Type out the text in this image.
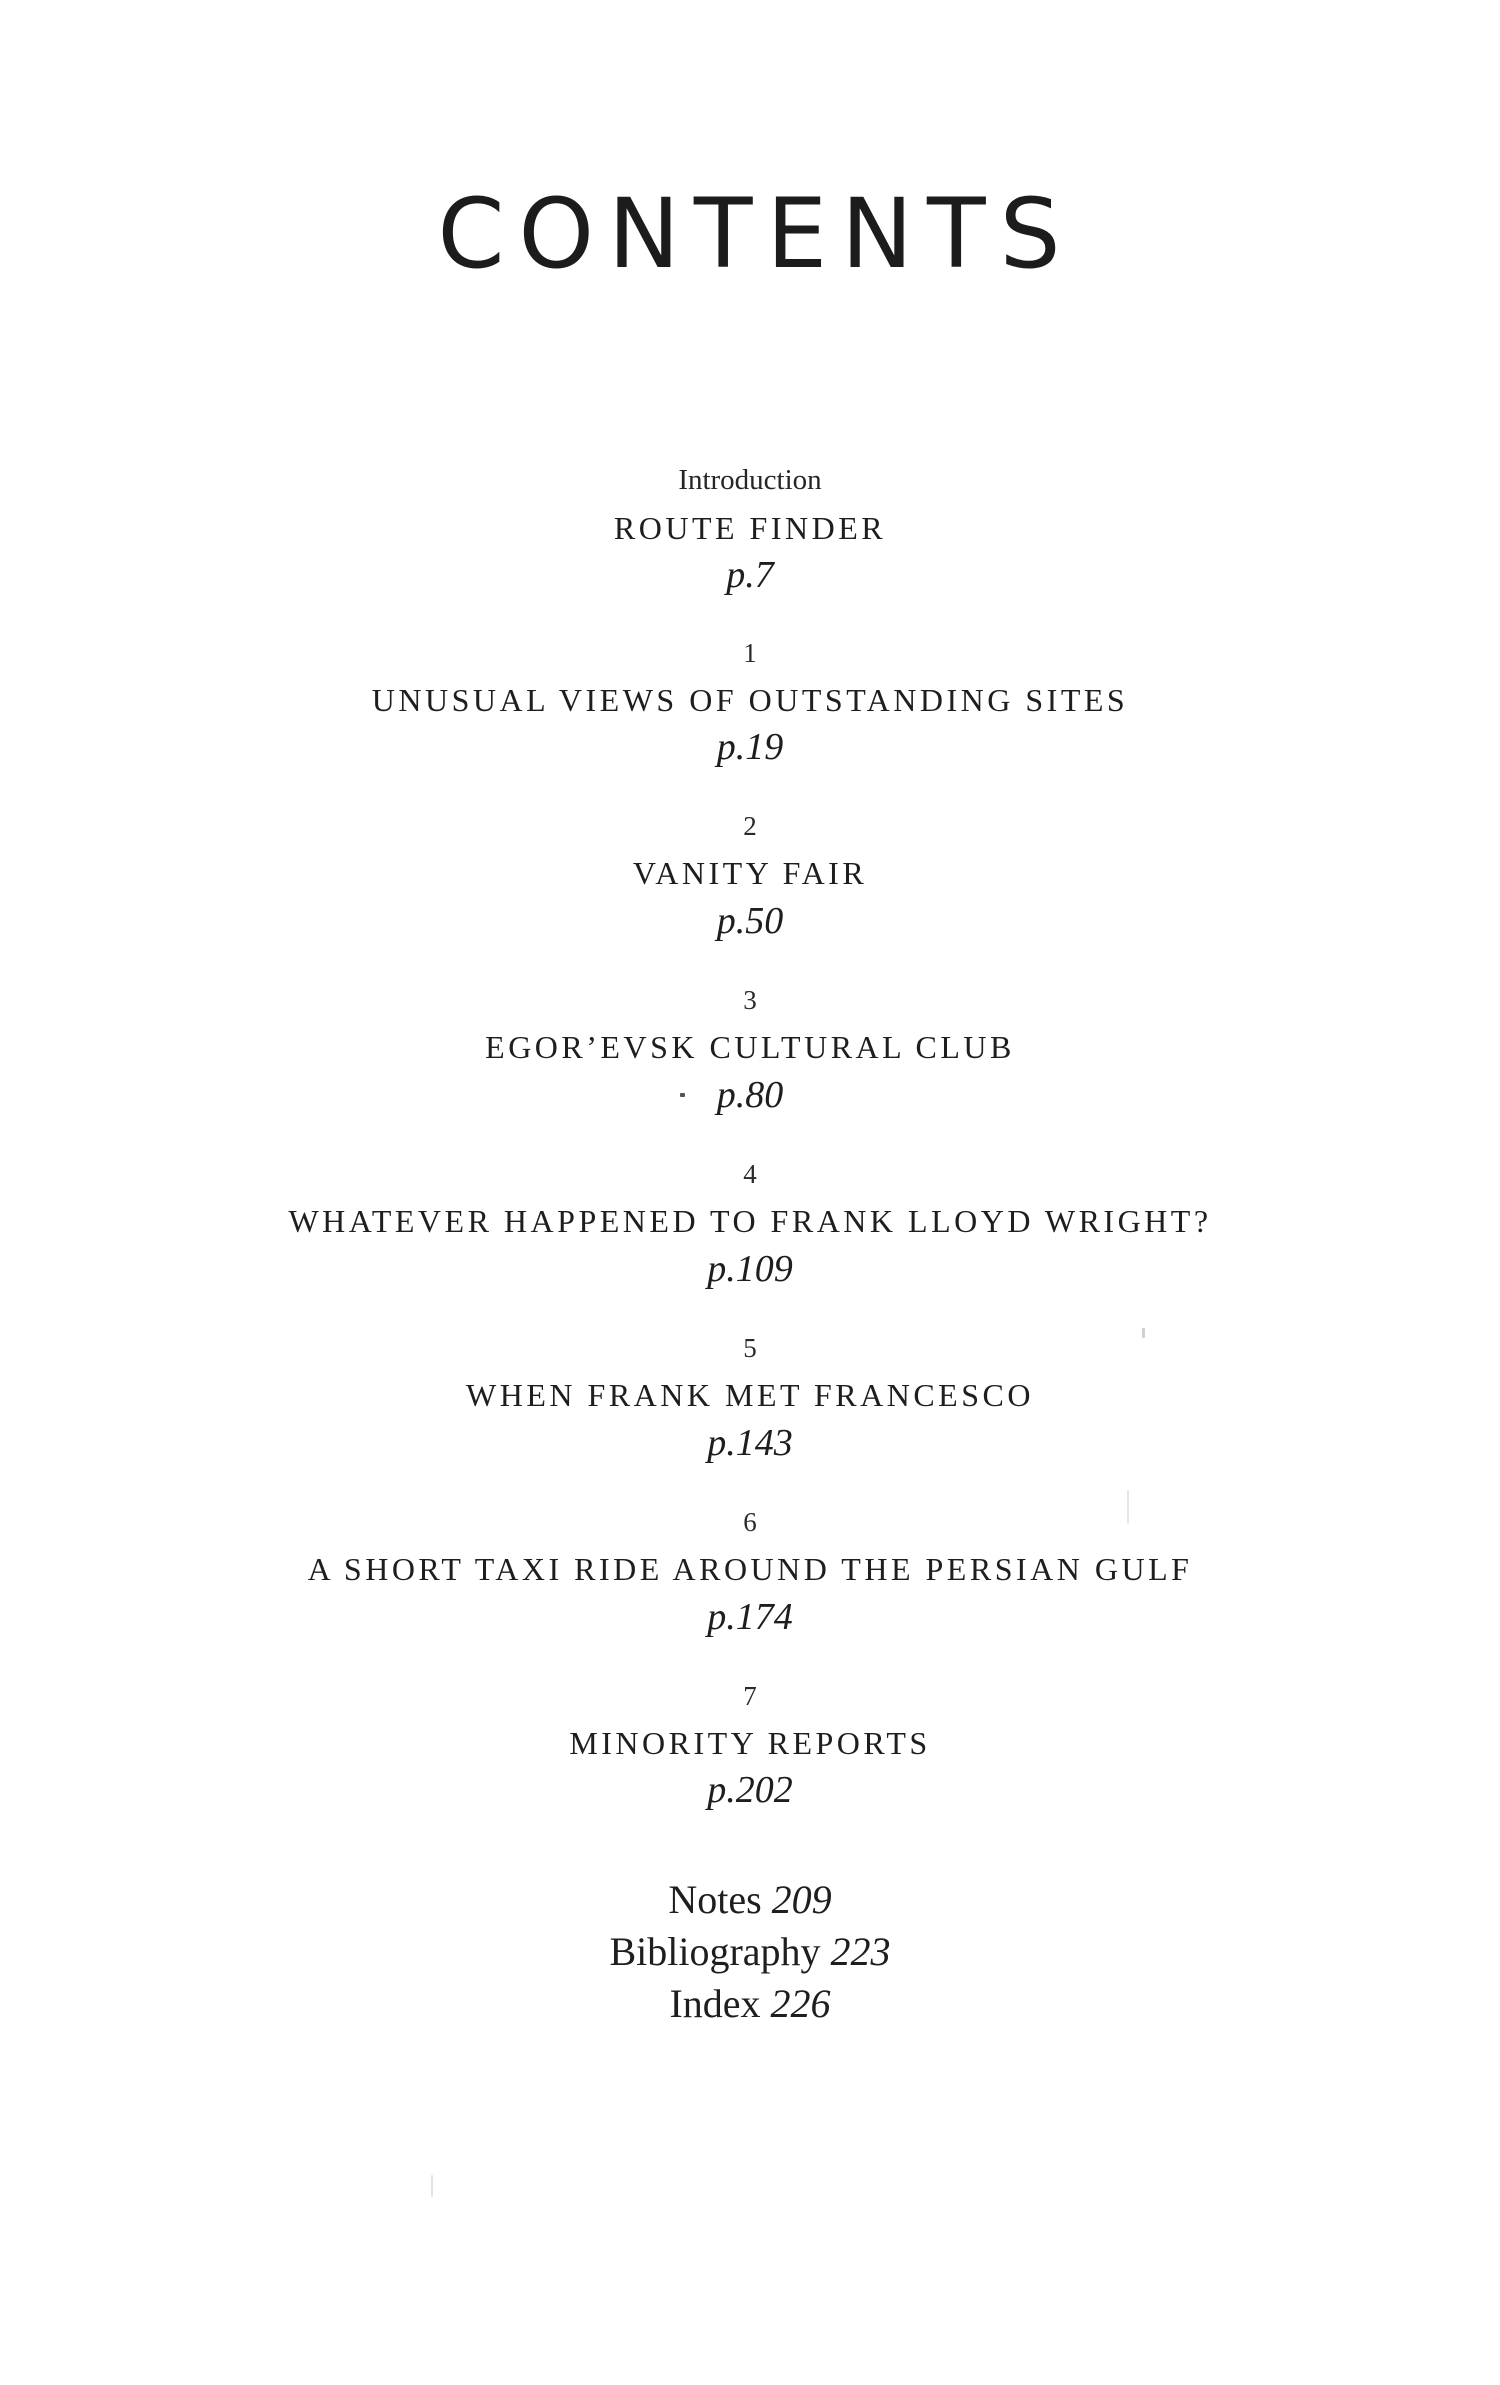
CONTENTS
Introduction
ROUTE FINDER
p.7
1
UNUSUAL VIEWS OF OUTSTANDING SITES
p.19
2
VANITY FAIR
p.50
3
EGOR’EVSK CULTURAL CLUB
p.80
4
WHATEVER HAPPENED TO FRANK LLOYD WRIGHT?
p.109
5
WHEN FRANK MET FRANCESCO
p.143
6
A SHORT TAXI RIDE AROUND THE PERSIAN GULF
p.174
7
MINORITY REPORTS
p.202
Notes 209
Bibliography 223
Index 226
